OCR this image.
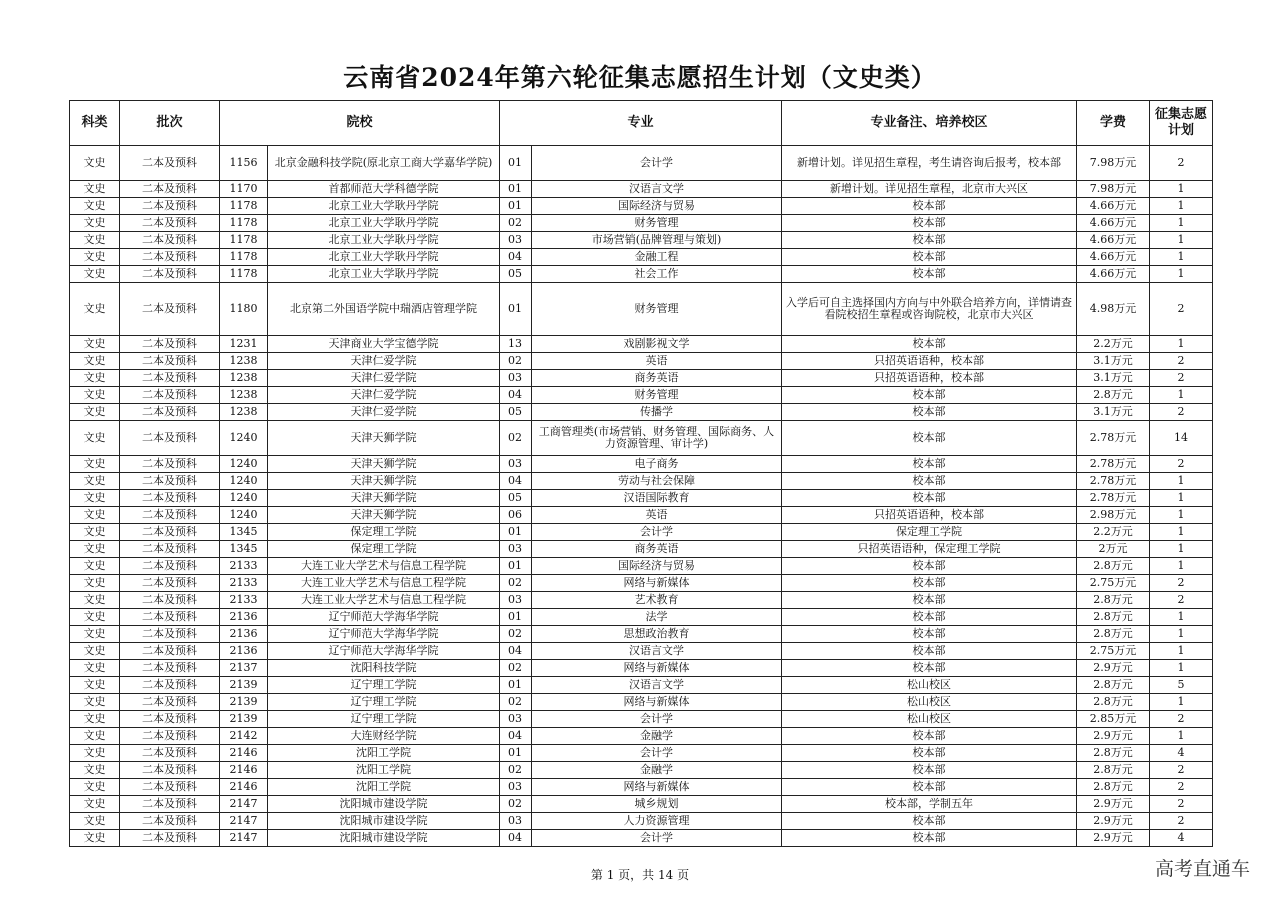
云南省2024年第六轮征集志愿招生计划（文史类）
科类	批次	院校		专业		专业备注、培养校区	学费	征集志愿计划
文史	二本及预科	1156	北京金融科技学院(原北京工商大学嘉华学院)	01	会计学	新增计划。详见招生章程，考生请咨询后报考，校本部	7.98万元	2
文史	二本及预科	1170	首都师范大学科德学院	01	汉语言文学	新增计划。详见招生章程，北京市大兴区	7.98万元	1
文史	二本及预科	1178	北京工业大学耿丹学院	01	国际经济与贸易	校本部	4.66万元	1
文史	二本及预科	1178	北京工业大学耿丹学院	02	财务管理	校本部	4.66万元	1
文史	二本及预科	1178	北京工业大学耿丹学院	03	市场营销(品牌管理与策划)	校本部	4.66万元	1
文史	二本及预科	1178	北京工业大学耿丹学院	04	金融工程	校本部	4.66万元	1
文史	二本及预科	1178	北京工业大学耿丹学院	05	社会工作	校本部	4.66万元	1
文史	二本及预科	1180	北京第二外国语学院中瑞酒店管理学院	01	财务管理	入学后可自主选择国内方向与中外联合培养方向，详情请查看院校招生章程或咨询院校，北京市大兴区	4.98万元	2
文史	二本及预科	1231	天津商业大学宝德学院	13	戏剧影视文学	校本部	2.2万元	1
文史	二本及预科	1238	天津仁爱学院	02	英语	只招英语语种，校本部	3.1万元	2
文史	二本及预科	1238	天津仁爱学院	03	商务英语	只招英语语种，校本部	3.1万元	2
文史	二本及预科	1238	天津仁爱学院	04	财务管理	校本部	2.8万元	1
文史	二本及预科	1238	天津仁爱学院	05	传播学	校本部	3.1万元	2
文史	二本及预科	1240	天津天狮学院	02	工商管理类(市场营销、财务管理、国际商务、人力资源管理、审计学)	校本部	2.78万元	14
文史	二本及预科	1240	天津天狮学院	03	电子商务	校本部	2.78万元	2
文史	二本及预科	1240	天津天狮学院	04	劳动与社会保障	校本部	2.78万元	1
文史	二本及预科	1240	天津天狮学院	05	汉语国际教育	校本部	2.78万元	1
文史	二本及预科	1240	天津天狮学院	06	英语	只招英语语种，校本部	2.98万元	1
文史	二本及预科	1345	保定理工学院	01	会计学	保定理工学院	2.2万元	1
文史	二本及预科	1345	保定理工学院	03	商务英语	只招英语语种，保定理工学院	2万元	1
文史	二本及预科	2133	大连工业大学艺术与信息工程学院	01	国际经济与贸易	校本部	2.8万元	1
文史	二本及预科	2133	大连工业大学艺术与信息工程学院	02	网络与新媒体	校本部	2.75万元	2
文史	二本及预科	2133	大连工业大学艺术与信息工程学院	03	艺术教育	校本部	2.8万元	2
文史	二本及预科	2136	辽宁师范大学海华学院	01	法学	校本部	2.8万元	1
文史	二本及预科	2136	辽宁师范大学海华学院	02	思想政治教育	校本部	2.8万元	1
文史	二本及预科	2136	辽宁师范大学海华学院	04	汉语言文学	校本部	2.75万元	1
文史	二本及预科	2137	沈阳科技学院	02	网络与新媒体	校本部	2.9万元	1
文史	二本及预科	2139	辽宁理工学院	01	汉语言文学	松山校区	2.8万元	5
文史	二本及预科	2139	辽宁理工学院	02	网络与新媒体	松山校区	2.8万元	1
文史	二本及预科	2139	辽宁理工学院	03	会计学	松山校区	2.85万元	2
文史	二本及预科	2142	大连财经学院	04	金融学	校本部	2.9万元	1
文史	二本及预科	2146	沈阳工学院	01	会计学	校本部	2.8万元	4
文史	二本及预科	2146	沈阳工学院	02	金融学	校本部	2.8万元	2
文史	二本及预科	2146	沈阳工学院	03	网络与新媒体	校本部	2.8万元	2
文史	二本及预科	2147	沈阳城市建设学院	02	城乡规划	校本部，学制五年	2.9万元	2
文史	二本及预科	2147	沈阳城市建设学院	03	人力资源管理	校本部	2.9万元	2
文史	二本及预科	2147	沈阳城市建设学院	04	会计学	校本部	2.9万元	4
第 1 页，共 14 页	高考直通车
